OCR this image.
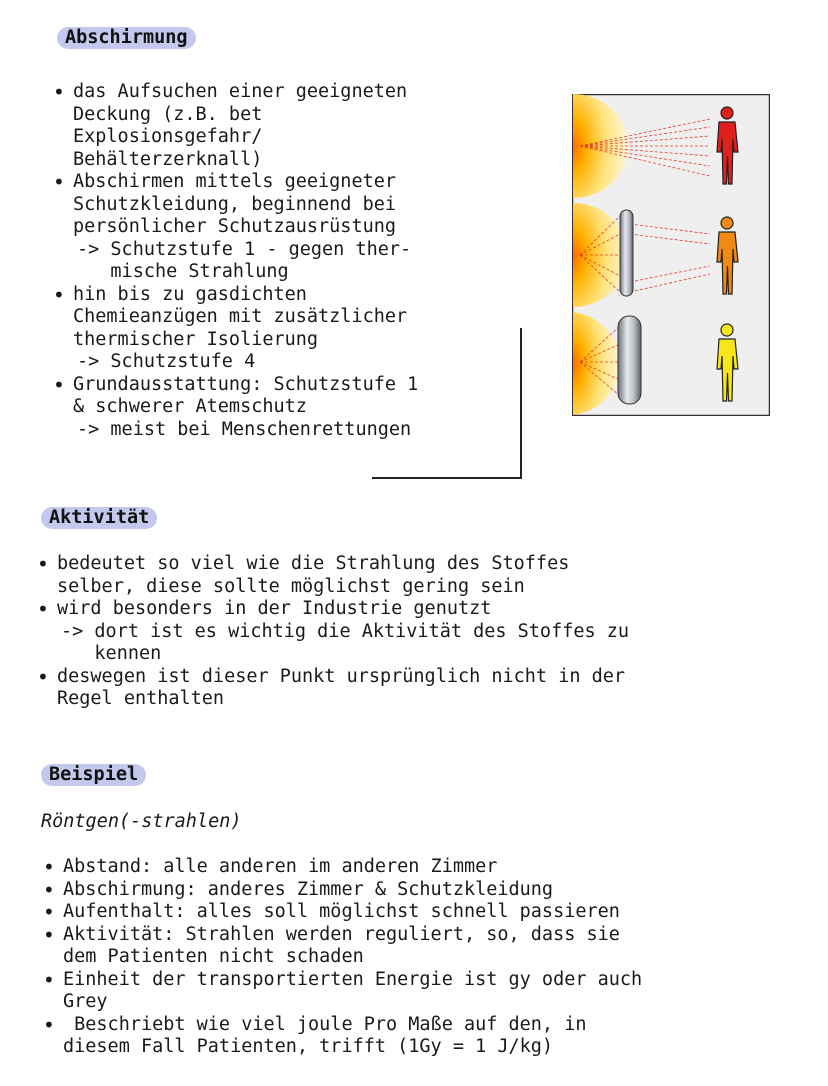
Abschirmung
• das Aufsuchen einer geeigneten
Deckung (z.B. bet
Explosionsgefahr/
Behälterzerknall)
• Abschirmen mittels geeigneter
Schutzkleidung, beginnend bei
persönlicher Schutzausrüstung
-> Schutzstufe 1 - gegen ther-
mische Strahlung
• hin bis zu gasdichten
Chemieanzügen mit zusätzlicher
thermischer Isolierung
-> Schutzstufe 4
• Grundausstattung: Schutzstufe 1
& schwerer Atemschutz
-> meist bei Menschenrettungen
Aktivität
• bedeutet so viel wie die Strahlung des Stoffes
selber, diese sollte möglichst gering sein
• wird besonders in der Industrie genutzt
-> dort ist es wichtig die Aktivität des Stoffes zu
kennen
• deswegen ist dieser Punkt ursprünglich nicht in der
Regel enthalten
Beispiel
Röntgen(-strahlen)
• Abstand: alle anderen im anderen Zimmer
• Abschirmung: anderes Zimmer & Schutzkleidung
• Aufenthalt: alles soll möglichst schnell passieren
• Aktivität: Strahlen werden reguliert, so, dass sie
dem Patienten nicht schaden
• Einheit der transportierten Energie ist gy oder auch
Grey
•  Beschriebt wie viel joule Pro Maße auf den, in
diesem Fall Patienten, trifft (1Gy = 1 J/kg)
